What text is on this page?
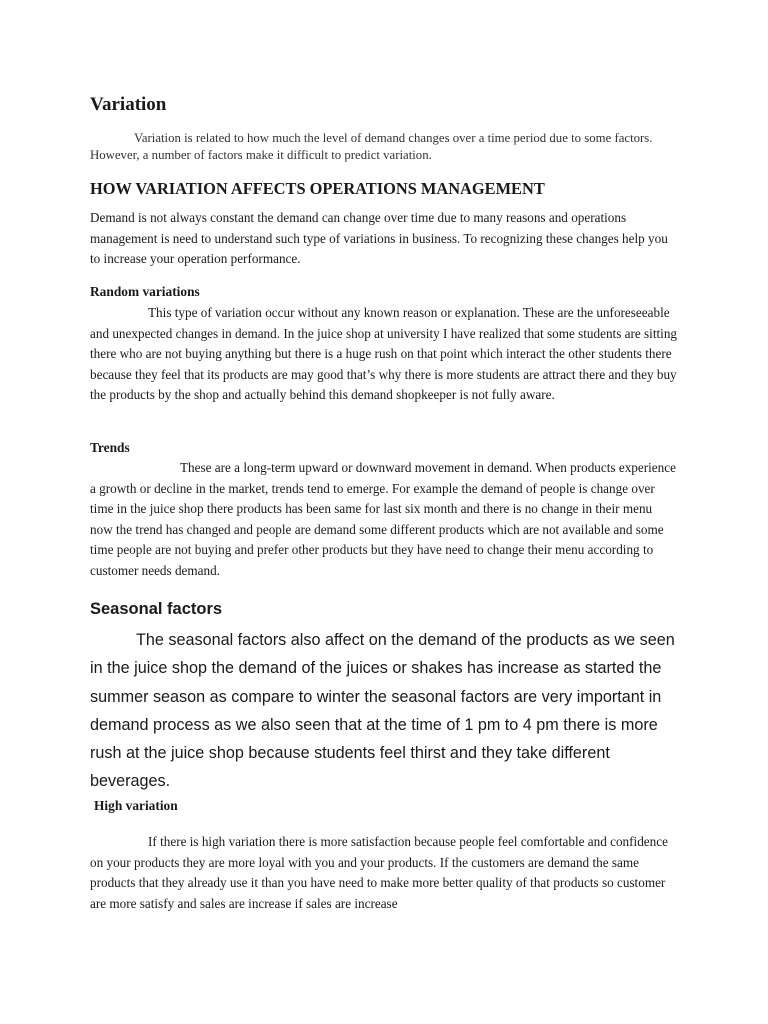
Variation

Variation is related to how much the level of demand changes over a time period due to some factors. However, a number of factors make it difficult to predict variation.

HOW VARIATION AFFECTS OPERATIONS MANAGEMENT

Demand is not always constant the demand can change over time due to many reasons and operations management is need to understand such type of variations in business. To recognizing these changes help you to increase your operation performance.

Random variations

This type of variation occur without any known reason or explanation. These are the unforeseeable and unexpected changes in demand. In the juice shop at university I have realized that some students are sitting there who are not buying anything but there is a huge rush on that point which interact the other students there because they feel that its products are may good that’s why there is more students are attract there and they buy the products by the shop and actually behind this demand shopkeeper is not fully aware.

Trends

These are a long-term upward or downward movement in demand. When products experience a growth or decline in the market, trends tend to emerge. For example the demand of people is change over time in the juice shop there products has been same for last six month and there is no change in their menu now the trend has changed and people are demand some different products which are not available and some time people are not buying and prefer other products but they have need to change their menu according to customer needs demand.

Seasonal factors

The seasonal factors also affect on the demand of the products as we seen in the juice shop the demand of the juices or shakes has increase as started the summer season as compare to winter the seasonal factors are very important in demand process as we also seen that at the time of 1 pm to 4 pm there is more rush at the juice shop because students feel thirst and they take different beverages.

High variation

If there is high variation there is more satisfaction because people feel comfortable and confidence on your products they are more loyal with you and your products. If the customers are demand the same products that they already use it than you have need to make more better quality of that products so customer are more satisfy and sales are increase if sales are increase
